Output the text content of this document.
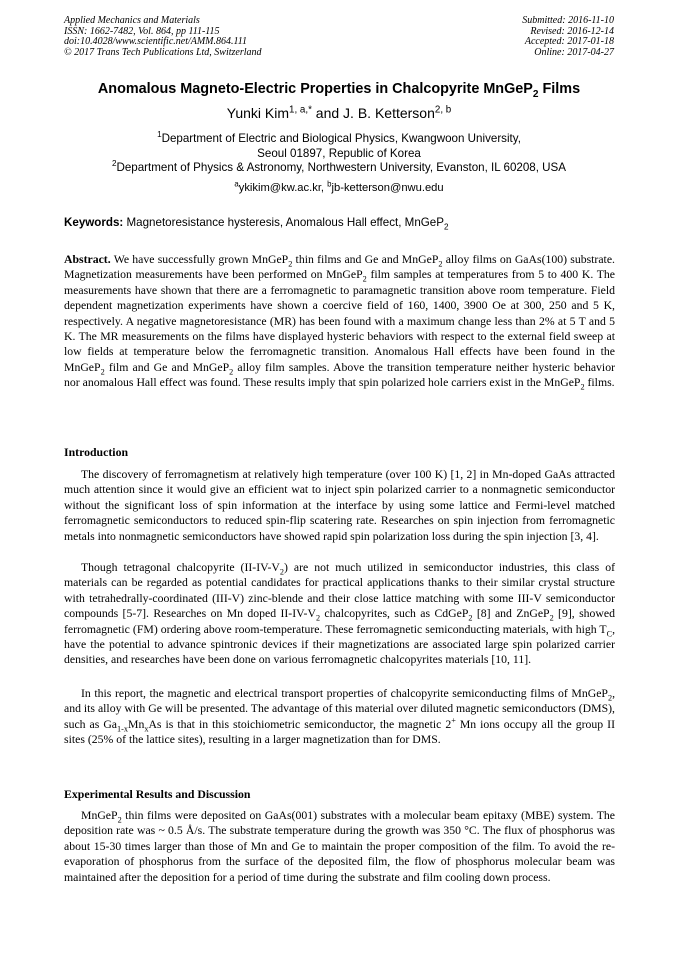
Applied Mechanics and Materials
ISSN: 1662-7482, Vol. 864, pp 111-115
doi:10.4028/www.scientific.net/AMM.864.111
© 2017 Trans Tech Publications Ltd, Switzerland
Submitted: 2016-11-10
Revised: 2016-12-14
Accepted: 2017-01-18
Online: 2017-04-27
Anomalous Magneto-Electric Properties in Chalcopyrite MnGeP$_2$ Films
Yunki Kim$^{1, a,*}$ and J. B. Ketterson$^{2, b}$
$^1$Department of Electric and Biological Physics, Kwangwoon University,
Seoul 01897, Republic of Korea
$^2$Department of Physics & Astronomy, Northwestern University, Evanston, IL 60208, USA
$^a$ykikim@kw.ac.kr, $^b$jb-ketterson@nwu.edu
Keywords: Magnetoresistance hysteresis, Anomalous Hall effect, MnGeP$_2$
Abstract. We have successfully grown MnGeP$_2$ thin films and Ge and MnGeP$_2$ alloy films on GaAs(100) substrate. Magnetization measurements have been performed on MnGeP$_2$ film samples at temperatures from 5 to 400 K. The measurements have shown that there are a ferromagnetic to paramagnetic transition above room temperature. Field dependent magnetization experiments have shown a coercive field of 160, 1400, 3900 Oe at 300, 250 and 5 K, respectively. A negative magnetoresistance (MR) has been found with a maximum change less than 2% at 5 T and 5 K. The MR measurements on the films have displayed hysteric behaviors with respect to the external field sweep at low fields at temperature below the ferromagnetic transition. Anomalous Hall effects have been found in the MnGeP$_2$ film and Ge and MnGeP$_2$ alloy film samples. Above the transition temperature neither hysteric behavior nor anomalous Hall effect was found. These results imply that spin polarized hole carriers exist in the MnGeP$_2$ films.
Introduction
The discovery of ferromagnetism at relatively high temperature (over 100 K) [1, 2] in Mn-doped GaAs attracted much attention since it would give an efficient wat to inject spin polarized carrier to a nonmagnetic semiconductor without the significant loss of spin information at the interface by using some lattice and Fermi-level matched ferromagnetic semiconductors to reduced spin-flip scatering rate. Researches on spin injection from ferromagnetic metals into nonmagnetic semiconductors have showed rapid spin polarization loss during the spin injection [3, 4].
Though tetragonal chalcopyrite $(II-IV-V_2)$ are not much utilized in semiconductor industries, this class of materials can be regarded as potential candidates for practical applications thanks to their similar crystal structure with tetrahedrally-coordinated (III-V) zinc-blende and their close lattice matching with some III-V semiconductor compounds [5-7]. Researches on Mn doped $II-IV-V_2$ chalcopyrites, such as CdGeP$_2$ [8] and ZnGeP$_2$ [9], showed ferromagnetic (FM) ordering above room-temperature. These ferromagnetic semiconducting materials, with high $T_C$, have the potential to advance spintronic devices if their magnetizations are associated large spin polarized carrier densities, and researches have been done on various ferromagnetic chalcopyrites materials [10, 11].
In this report, the magnetic and electrical transport properties of chalcopyrite semiconducting films of MnGeP$_2$, and its alloy with Ge will be presented. The advantage of this material over diluted magnetic semiconductors (DMS), such as $Ga_{1-x}Mn_xAs$ is that in this stoichiometric semiconductor, the magnetic 2+ Mn ions occupy all the group II sites (25% of the lattice sites), resulting in a larger magnetization than for DMS.
Experimental Results and Discussion
MnGeP$_2$ thin films were deposited on GaAs(001) substrates with a molecular beam epitaxy (MBE) system. The deposition rate was ~ 0.5 Å/s. The substrate temperature during the growth was 350 °C. The flux of phosphorus was about 15-30 times larger than those of Mn and Ge to maintain the proper composition of the film. To avoid the re-evaporation of phosphorus from the surface of the deposited film, the flow of phosphorus molecular beam was maintained after the deposition for a period of time during the substrate and film cooling down process.
